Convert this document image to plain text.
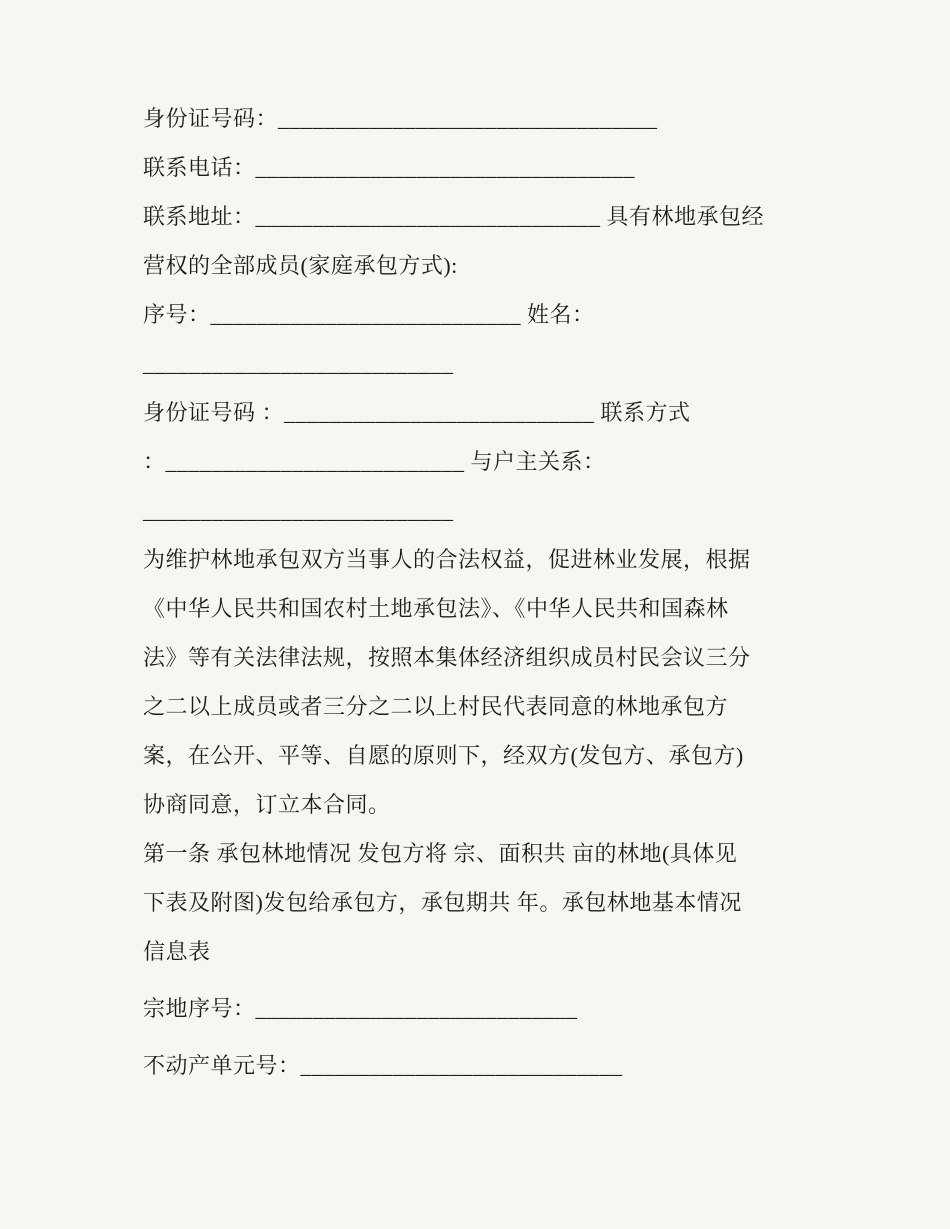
身份证号码：_________________________________

联系电话：_________________________________

联系地址：______________________________ 具有林地承包经

营权的全部成员(家庭承包方式):

序号：___________________________ 姓名：

___________________________

身份证号码 ：___________________________ 联系方式

：__________________________ 与户主关系：

___________________________

为维护林地承包双方当事人的合法权益，促进林业发展，根据

《中华人民共和国农村土地承包法》、《中华人民共和国森林

法》等有关法律法规，按照本集体经济组织成员村民会议三分

之二以上成员或者三分之二以上村民代表同意的林地承包方

案，在公开、平等、自愿的原则下，经双方(发包方、承包方)

协商同意，订立本合同。

第一条 承包林地情况 发包方将 宗、面积共 亩的林地(具体见

下表及附图)发包给承包方，承包期共 年。承包林地基本情况

信息表

宗地序号：____________________________

不动产单元号：____________________________
